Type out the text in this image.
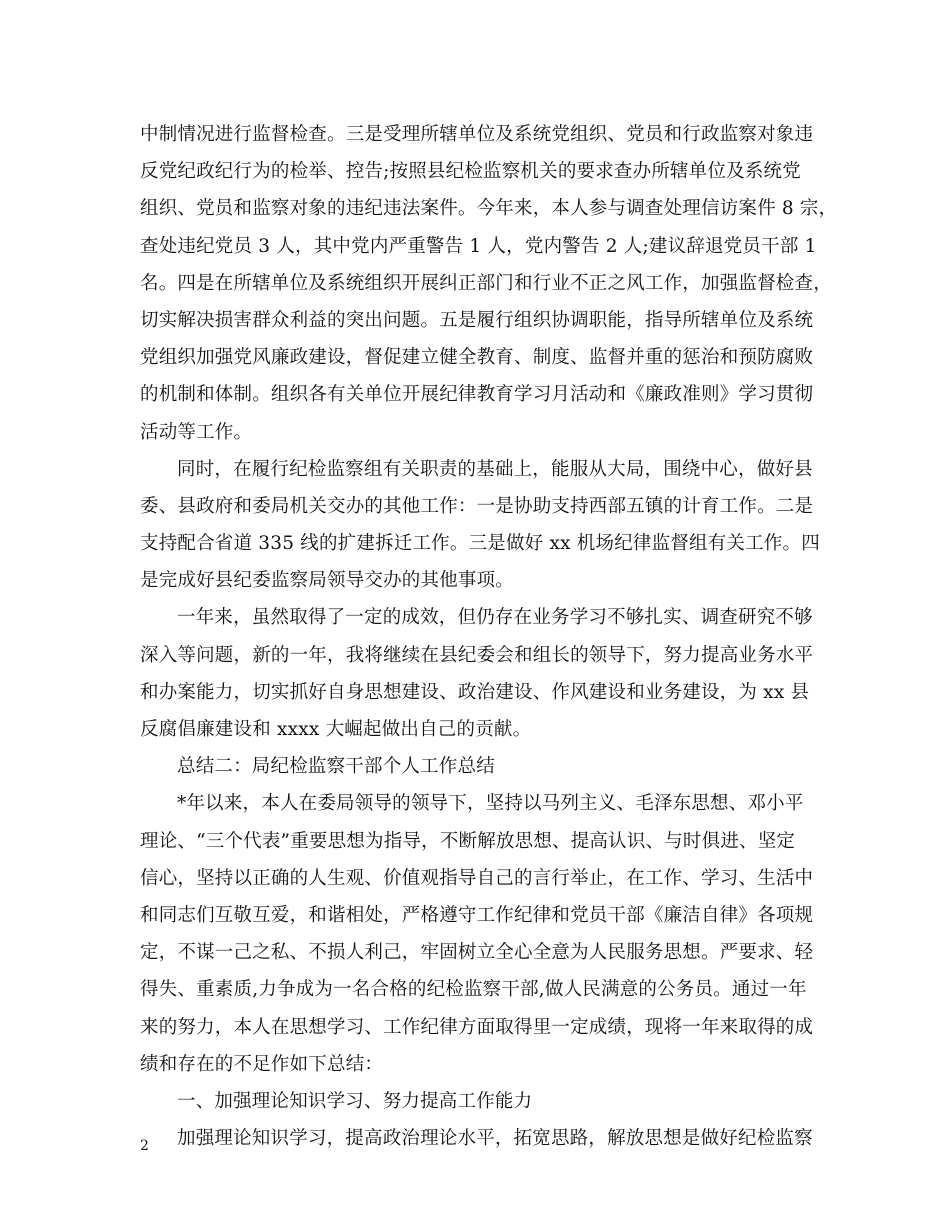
中制情况进行监督检查。三是受理所辖单位及系统党组织、党员和行政监察对象违
反党纪政纪行为的检举、控告;按照县纪检监察机关的要求查办所辖单位及系统党
组织、党员和监察对象的违纪违法案件。今年来，本人参与调查处理信访案件 8 宗，
查处违纪党员 3 人，其中党内严重警告 1 人，党内警告 2 人;建议辞退党员干部 1
名。四是在所辖单位及系统组织开展纠正部门和行业不正之风工作，加强监督检查，
切实解决损害群众利益的突出问题。五是履行组织协调职能，指导所辖单位及系统
党组织加强党风廉政建设，督促建立健全教育、制度、监督并重的惩治和预防腐败
的机制和体制。组织各有关单位开展纪律教育学习月活动和《廉政准则》学习贯彻
活动等工作。
同时，在履行纪检监察组有关职责的基础上，能服从大局，围绕中心，做好县
委、县政府和委局机关交办的其他工作：一是协助支持西部五镇的计育工作。二是
支持配合省道 335 线的扩建拆迁工作。三是做好 xx 机场纪律监督组有关工作。四
是完成好县纪委监察局领导交办的其他事项。
一年来，虽然取得了一定的成效，但仍存在业务学习不够扎实、调查研究不够
深入等问题，新的一年，我将继续在县纪委会和组长的领导下，努力提高业务水平
和办案能力，切实抓好自身思想建设、政治建设、作风建设和业务建设，为 xx 县
反腐倡廉建设和 xxxx 大崛起做出自己的贡献。
总结二：局纪检监察干部个人工作总结
*年以来，本人在委局领导的领导下，坚持以马列主义、毛泽东思想、邓小平
理论、“三个代表”重要思想为指导，不断解放思想、提高认识、与时俱进、坚定
信心，坚持以正确的人生观、价值观指导自己的言行举止，在工作、学习、生活中
和同志们互敬互爱，和谐相处，严格遵守工作纪律和党员干部《廉洁自律》各项规
定，不谋一己之私、不损人利己，牢固树立全心全意为人民服务思想。严要求、轻
得失、重素质,力争成为一名合格的纪检监察干部,做人民满意的公务员。通过一年
来的努力，本人在思想学习、工作纪律方面取得里一定成绩，现将一年来取得的成
绩和存在的不足作如下总结：
一、加强理论知识学习、努力提高工作能力
加强理论知识学习，提高政治理论水平，拓宽思路，解放思想是做好纪检监察
2
